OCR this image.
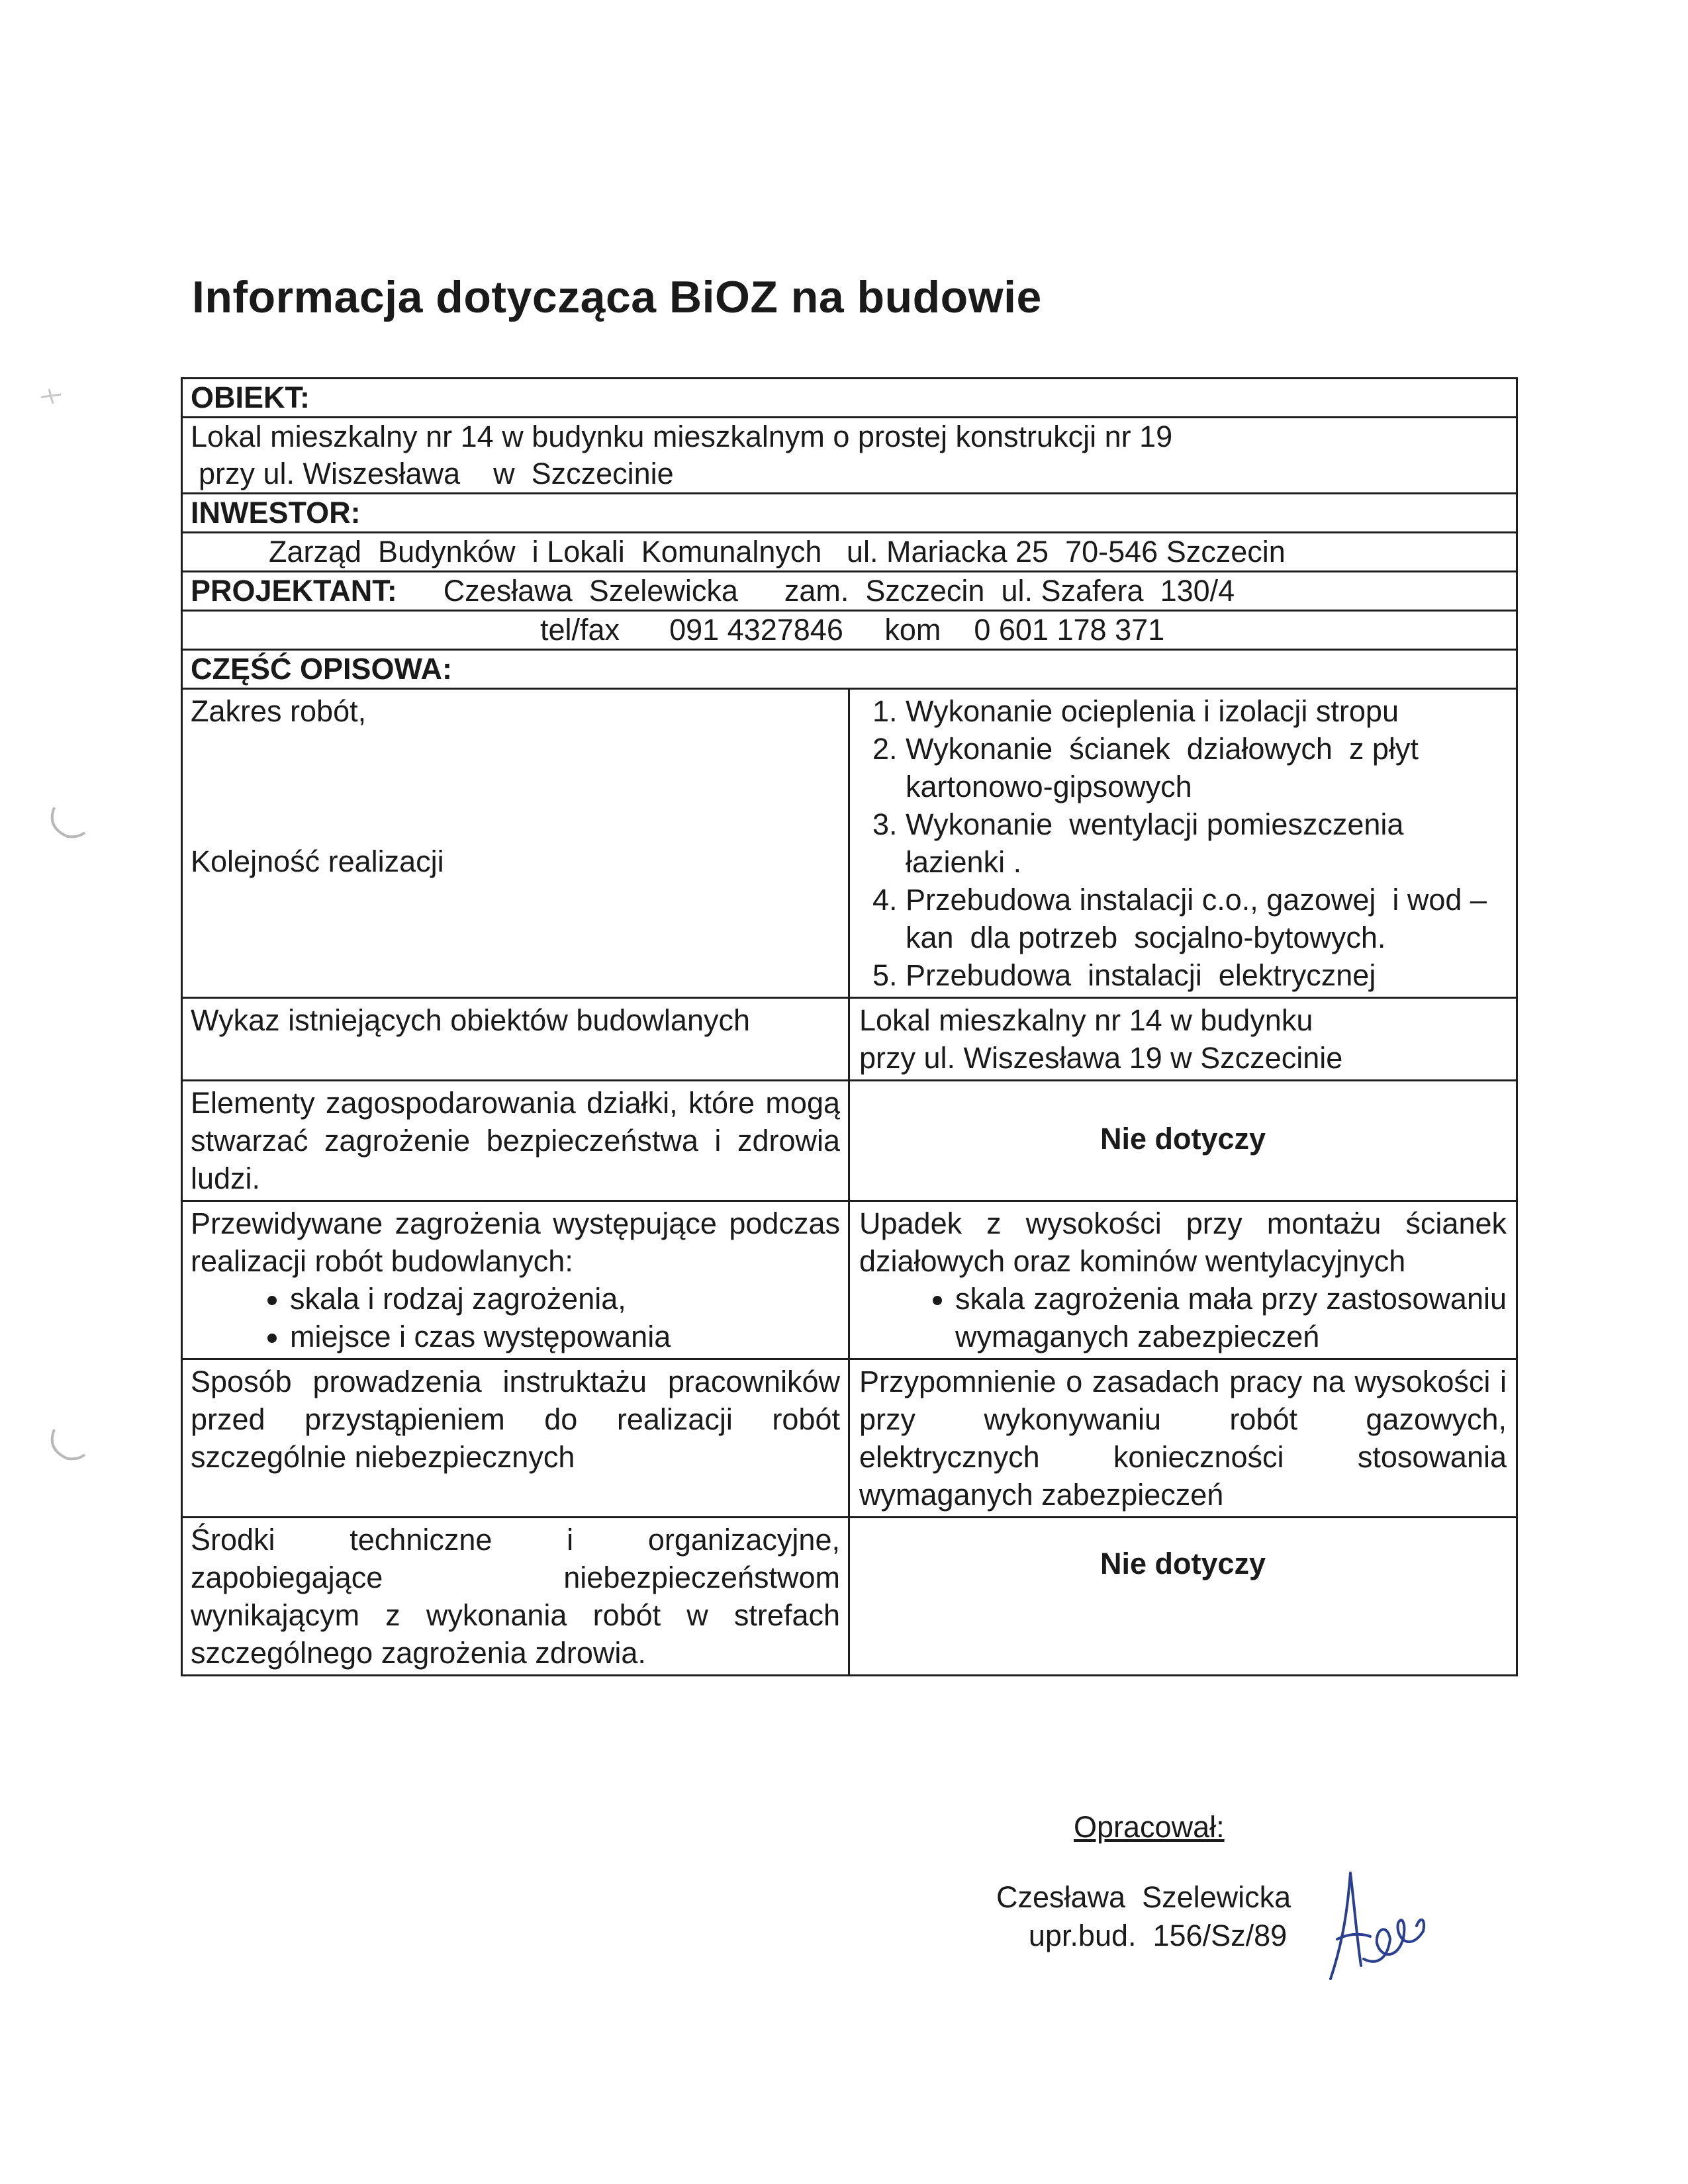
Informacja dotycząca BiOZ na budowie
OBIEKT:
Lokal mieszkalny nr 14 w budynku mieszkalnym o prostej konstrukcji nr 19
przy ul. Wiszesława    w  Szczecinie
INWESTOR:
Zarząd  Budynków  i Lokali  Komunalnych   ul. Mariacka 25  70-546 Szczecin
PROJEKTANT: Czesława  Szelewicka zam.  Szczecin  ul. Szafera  130/4
tel/fax      091 4327846     kom    0 601 178 371
CZĘŚĆ OPISOWA:
Zakres robót,
Kolejność realizacji
1. Wykonanie ocieplenia i izolacji stropu
2. Wykonanie  ścianek  działowych  z płyt kartonowo-gipsowych
3. Wykonanie  wentylacji pomieszczenia łazienki .
4. Przebudowa instalacji c.o., gazowej  i wod – kan  dla potrzeb  socjalno-bytowych.
5. Przebudowa  instalacji  elektrycznej
Wykaz istniejących obiektów budowlanych	Lokal mieszkalny nr 14 w budynku
przy ul. Wiszesława 19 w Szczecinie
Elementy zagospodarowania działki, które mogą stwarzać zagrożenie bezpieczeństwa i zdrowia ludzi.
Nie dotyczy
Przewidywane zagrożenia występujące podczas realizacji robót budowlanych:
• skala i rodzaj zagrożenia,
• miejsce i czas występowania
Upadek z wysokości przy montażu ścianek działowych oraz kominów wentylacyjnych
• skala zagrożenia mała przy zastosowaniu wymaganych zabezpieczeń
Sposób prowadzenia instruktażu pracowników przed przystąpieniem do realizacji robót szczególnie niebezpiecznych
Przypomnienie o zasadach pracy na wysokości i przy wykonywaniu robót gazowych, elektrycznych konieczności stosowania wymaganych zabezpieczeń
Środki techniczne i organizacyjne, zapobiegające niebezpieczeństwom wynikającym z wykonania robót w strefach szczególnego zagrożenia zdrowia.
Nie dotyczy
Opracował:
Czesława  Szelewicka
upr.bud.  156/Sz/89
